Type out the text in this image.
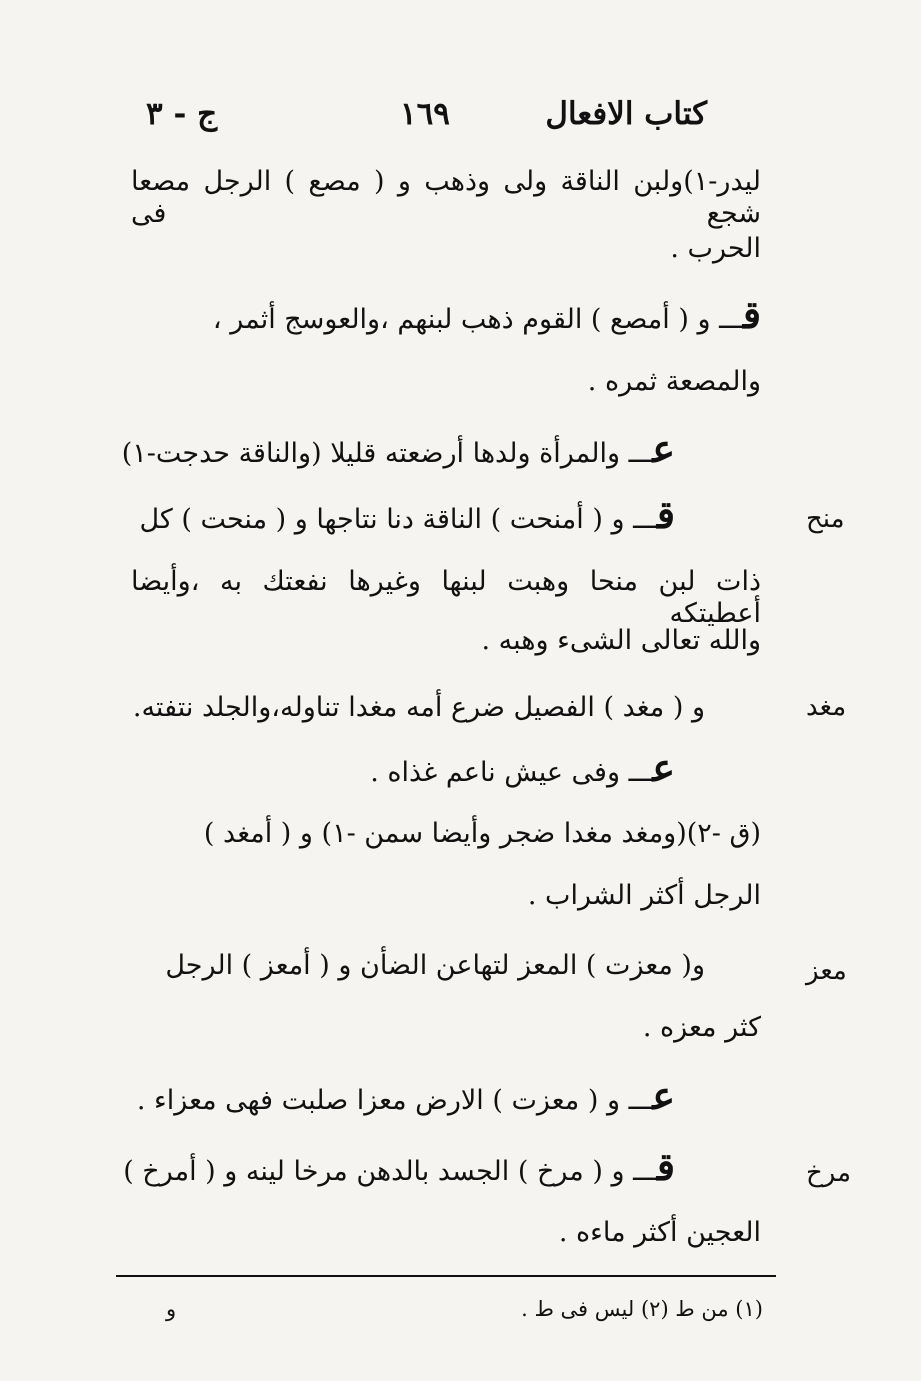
كتاب الافعال
١٦٩
ج - ٣
ليدر-١)ولبن الناقة ولى وذهب و ( مصع ) الرجل مصعا شجع فى
الحرب .
قـــ و ( أمصع ) القوم ذهب لبنهم ،والعوسج أثمر ،
والمصعة ثمره .
عـــ والمرأة ولدها أرضعته قليلا (والناقة حدجت-١)
قـــ و ( أمنحت ) الناقة دنا نتاجها و ( منحت ) كل
ذات لبن منحا وهبت لبنها وغيرها نفعتك به ،وأيضا أعطيتكه
والله تعالى الشىء وهبه .
و ( مغد ) الفصيل ضرع أمه مغدا تناوله،والجلد نتفته.
عـــ وفى عيش ناعم غذاه .
(ق -٢)(ومغد مغدا ضجر وأيضا سمن -١) و ( أمغد )
الرجل أكثر الشراب .
و( معزت ) المعز لتهاعن الضأن و ( أمعز ) الرجل
كثر معزه .
عـــ و ( معزت ) الارض معزا صلبت فهى معزاء .
قـــ و ( مرخ ) الجسد بالدهن مرخا لينه و ( أمرخ )
العجين أكثر ماءه .
منح
مغد
معز
مرخ
(١) من ط (٢) ليس فى ط .
و
